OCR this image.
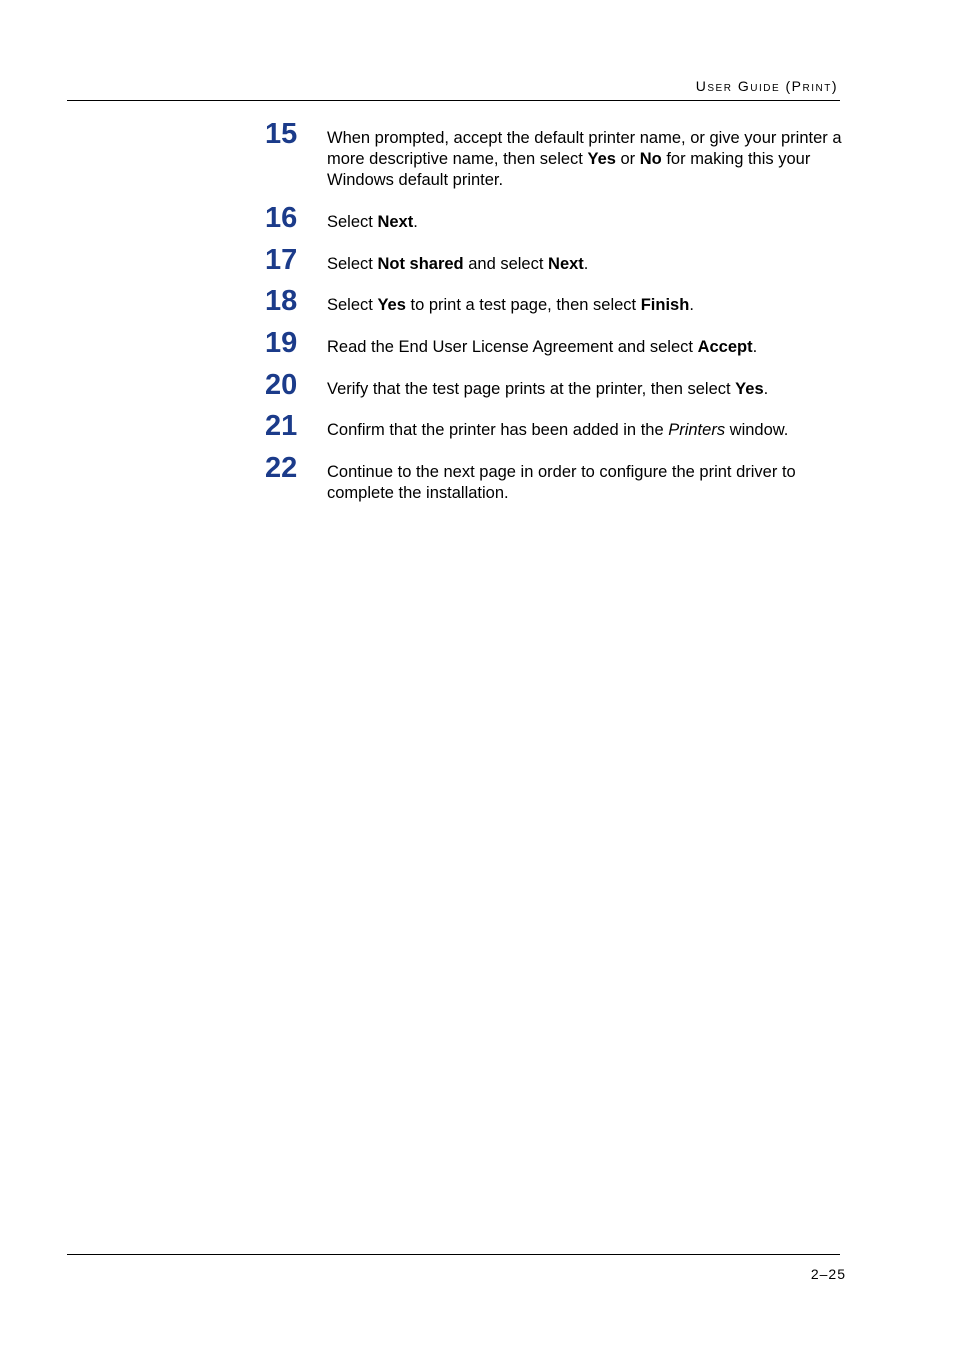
User Guide (Print)
15	When prompted, accept the default printer name, or give your printer a more descriptive name, then select Yes or No for making this your Windows default printer.
16	Select Next.
17	Select Not shared and select Next.
18	Select Yes to print a test page, then select Finish.
19	Read the End User License Agreement and select Accept.
20	Verify that the test page prints at the printer, then select Yes.
21	Confirm that the printer has been added in the Printers window.
22	Continue to the next page in order to configure the print driver to complete the installation.
2–25
